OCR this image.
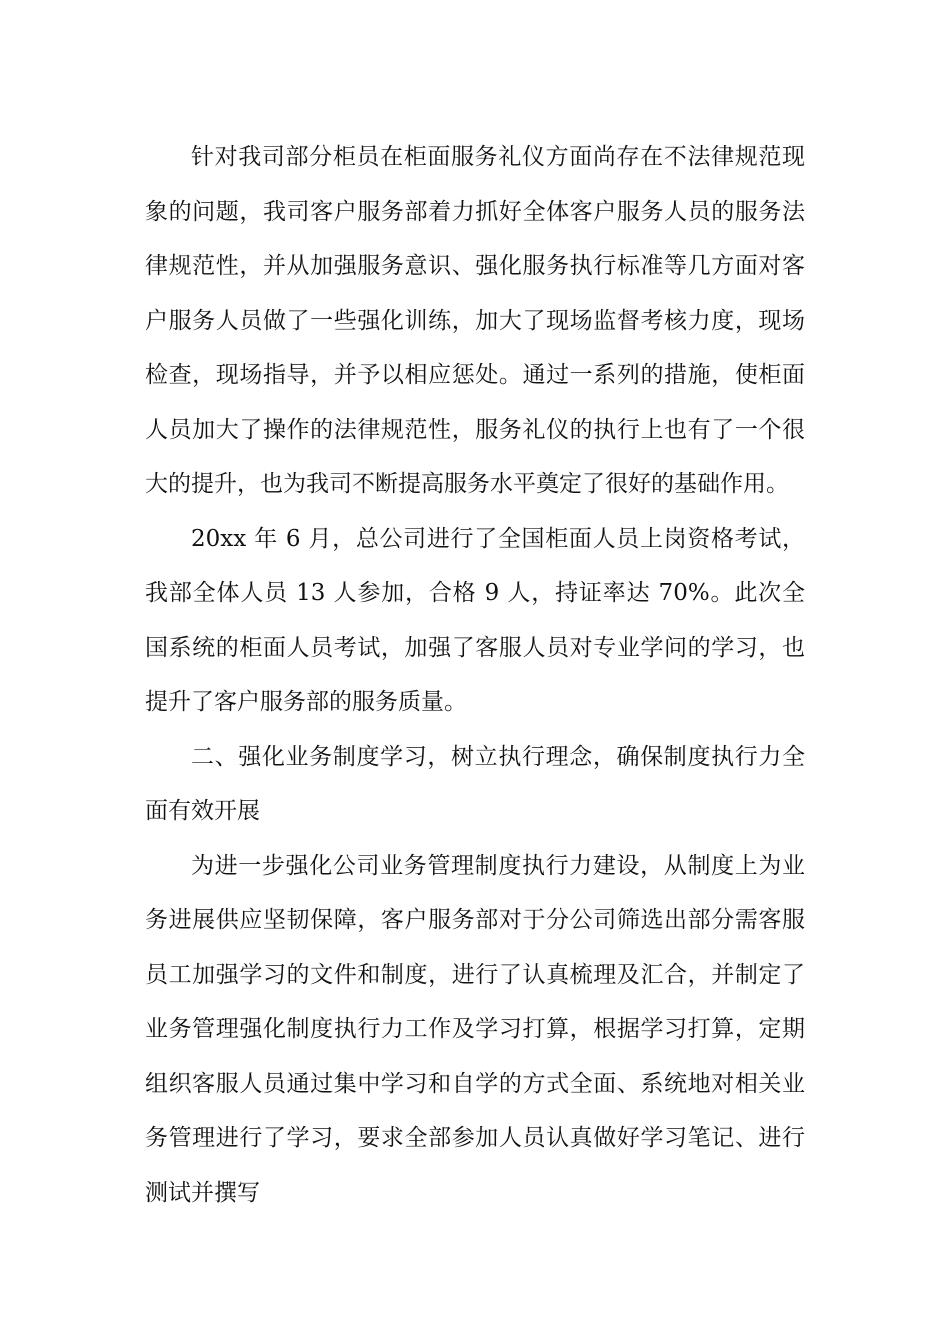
针对我司部分柜员在柜面服务礼仪方面尚存在不法律规范现象的问题，我司客户服务部着力抓好全体客户服务人员的服务法律规范性，并从加强服务意识、强化服务执行标准等几方面对客户服务人员做了一些强化训练，加大了现场监督考核力度，现场检查，现场指导，并予以相应惩处。通过一系列的措施，使柜面人员加大了操作的法律规范性，服务礼仪的执行上也有了一个很大的提升，也为我司不断提高服务水平奠定了很好的基础作用。

20xx 年 6 月，总公司进行了全国柜面人员上岗资格考试，我部全体人员 13 人参加，合格 9 人，持证率达 70%。此次全国系统的柜面人员考试，加强了客服人员对专业学问的学习，也提升了客户服务部的服务质量。

二、强化业务制度学习，树立执行理念，确保制度执行力全面有效开展

为进一步强化公司业务管理制度执行力建设，从制度上为业务进展供应坚韧保障，客户服务部对于分公司筛选出部分需客服员工加强学习的文件和制度，进行了认真梳理及汇合，并制定了业务管理强化制度执行力工作及学习打算，根据学习打算，定期组织客服人员通过集中学习和自学的方式全面、系统地对相关业务管理进行了学习，要求全部参加人员认真做好学习笔记、进行测试并撰写
